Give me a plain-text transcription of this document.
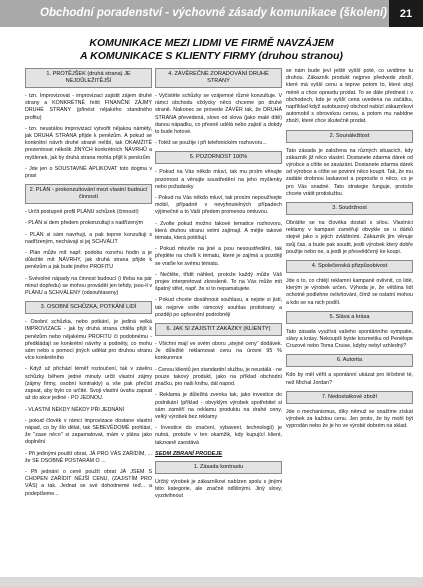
Obchodní poradenství - výchovné zásady komunikace (školení)	21
KOMUNIKACE MEZI LIDMI VE FIRMĚ NAVZÁJEM
A KOMUNIKACE S KLIENTY FIRMY (druhou stranou)
1. PROTĚJŠEK (druhá strana) JE NEJDŮLEŽITĚJŠÍ
- tzn. Improvizovat - improvizaci zajistit zájem druhé strany a KONKRÉTNĚ řešit FINANČNÍ ZÁJMY DRUHÉ STRANY (přinést nějakého standného profitu)
- tzn. neustálou improvizací vytvořit nějakou náměty, jak DRUHÁ STRANA přijde k penězům. A pokud se konkrétní návrh druhé straně nelíbí, tak OKAMŽITĚ prezentovat několik JINÝCH konkrétních NÁVRHŮ a myšlenek, jak by druhá strana mohla přijít k penězům
- Jde jen o SOUSTAVNÉ APLIKOVAT toto dogma v praxi
2. PLÁN - prokonzultování mezi vlastní budoucí činností
- Určit postupně profil PLÁNU schůzek (činností)
- PLÁN si dem předem prokonzultuji s nadřízeným
- PLÁN si sám navrhuji, a pak teprve konzultuji s nadřízeným, nechávají si jej SCHVÁLIT
- Plán může mít např. podobu rozvrhu hodin a je důležité mít NÁVRHY, jak druhá strana přijde k penězům a jak bude jiného PROFITU
- Svévolné nápady na činnost budoucí (i třeba na pár minut dopředu) se mohou provádět jen tehdy, jsou-li v PLÁNU a SCHVÁLENY (odsouhlaseny)
3. OSOBNÍ SCHŮZKA, POTKÁNÍ LIDÍ
- Osobní schůzka, nebo potkání, je jediná velká IMPROVIZACE - jak by druhá strana chtěla přijít k penězům nebo nějakému PROFITU či podobnému - předkládají se konkrétní návrhy a podněty, co mohu sám nebo s pomocí jiných udělat pro druhou stranu více konkrétního
- Když už přichází téměř rozloučení, tak v závěru schůzky během jedné minuty určit vlastní zájmy (zájmy firmy, osobní kontrakty) a vše pak přečíst zapsat, aby bylo co určité. Svoji vlastní úvahu zapsat až do akce jediné - PO JEDNOU.
- VLASTNÍ NĚKDY NĚKDY PŘI JEDNÁNÍ
- pokud člověk v rámci improvizace dostane vlastní nápad, co by šlo dělat, tak SEBEVĚDOMĚ prohlásí, že "zase něco" si zapamatovat, mám v plánu jako doplnění
- Při jedinými pouští obrat, JÁ PRO VÁS ZAŘÍDÍM, ... že SE OSOBNĚ POSTARÁM O ...
- Při jednání o ceně použít obrat JÁ JSEM S CHOPEN ZAŘÍDIT NĚJŠÍ CENU, (ZAJISTÍM PRO VÁS) a tak. Jednat se své dohodnemé teď... a podepíšeme...
4. ZÁVĚREČNÉ ZORADOVÁNÍ DRUHÉ STRANY
- Vyčistěte schůzky se vzájemné různé konzultuje. V rámci obchodu vždycky něco chceme po druhé straně. Nakonec se provede ZÁVĚR tak, že DRUHÁ STRANA převedená, slovo od slova (jako malé dítě) danou nápadku, co přesně udělá nebo zajistí a dokdy to bude hotové.
- Totéž se použije i při telefonickém rozhovoru...
5. POZORNOST 100%
- Pokud na Vás někdo mluví, tak mu prsím věnujte pozornost a věnujte soustředění na jeho myšlenky nebo požadavky
- Pokud na Vás někdo mluví, tak prosím nepoužívejte mobil, případně v nevyhnutelných případech výjimečně a to Vaší předem promenou omluvou.
- Zvolte pokud možno takové tematice rozhovoru, která druhou stranu velmi zajímají. A mějte takové témata, která potěšují.
- Pokud mluvíte na jiné a jsou nesoustředění, tak přejděte na chvíli k tématu, které je zajímá a později se vraťte ke svému tématu.
- Nečtěte, třídit náhled, protože každý může Váš projev interpretovat zkresleně. To na Vás může mít špatný střet, např. že si to nepamatujete.
- Pokud chcete dosáhnout souhlasu, a nejste si jisti, tak nejprve volte rámcový souhlas protistrany a později po upřesnění podrobněji
6. JAK SI ZAJISTIT ZAKÁZKY (KLIENTY)
- Všichni mají ve svém oboru „stejné ceny“ dodávek. Je důležité reklamovat cenu na úrovni 95 % konkurence
- Cenou klientů jen standardní službu, je neustálá - ne pouze takový produkt, jako na příklad obchodní značku, pro naši knihu, dál napod.
- Reklama je důležitá zvenka tak, jako investice do podnikání (příklad - obvyklým výrobek spotřebitel si sám zaměří na reklamu produktu na drahé ceny, velký výrobek bez reklamy
- Investice do značení, vybavení, technologií) je nutná, protože v ten okamžik, kdy kupující klient, takzvaně zaostává
SEDM ZBRANÍ PRODEJE
1. Zásada kontrastu
Určitý výrobek je zákazníkovi nabízen spolu s jinými této kategorie, ale značně odlišnými. Jiný slovy, vyzdvihnout
se nám bude jeví ještě vyšší poté, co uvidíme tu druhou. Zákazník produkt nejprve předvede zboží, které má vyšší cenu a teprve potom to, které stojí méně a chce opravdu prodat. To se dále přednesl i v obchodech, kde je vyšší cena uvedena na začátku, například když autobusový obchod nabízí zákazníkovi automobil s obrovskou cenou, a potom mu nabídne zboží, které chce skutečně prodat.
2. Sounáležitost
Tato zásada je založena na různých situacích, kdy zákazník již něco vlastní. Dostanete zdarma dárek od výrobce a cítíte se zavázáni. Dostanete zdarma dárek od výrobce a cítíte se povinni něco koupit. Tak, že mu zadáte drobnou laskavost a poprosíte o něco, co je pro Vás snadné. Tato strategie funguje, protože chcete vrátit protislužbu.
3. Soudržnost
Obrátíte se na člověka dostali s sílou. Vlastníci reklamy v kampani zaměřují obvykle se u dárků stejně jako s jejich zvláštními. Zákazník jim věnuje svůj čas, a bude pak soudit, jestli výrobek který dobře použije nebo ne, a jestli je přesvědčený ke koupi.
4. Společenská přizpůsobivost
Jde o to, co chtějí reklamní kampaně ovlivnit, co lidé, kterým je výrobek určen. Výhoda je, že většina lidí ochotně podlehne ovlivňování, čímž se ostatní mohou a kdo se na nich podílí.
5. Sláva a krása
Tato zásada využívá vašeho spontánního sympatie, slávy a krásy. Nekoupíš byste kosmetiku od Penélope Cruzové nebo Toma Cruise, kdyby nebyl vzhledný?
6. Autorita
Kdo by měl věřit a spontánní ukázat pro léčebné té, než Michal Jordan?
7. Nedostatkové zboží
Jde o mechanismus, díky němuž se snažíme získat výrobek za každou cenu. Jen proto, že by mohl být vyprodán nebo že je ho ve výrobě dobrém na sklad.
